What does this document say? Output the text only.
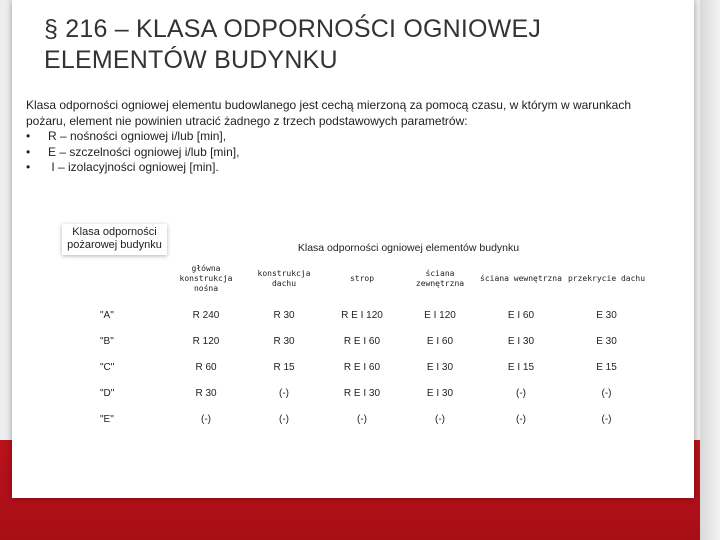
§ 216 – KLASA ODPORNOŚCI OGNIOWEJ
ELEMENTÓW BUDYNKU

Klasa odporności ogniowej elementu budowlanego jest cechą mierzoną za pomocą czasu, w którym w warunkach pożaru, element nie powinien utracić żadnego z trzech podstawowych parametrów:

•	R – nośności ogniowej i/lub [min],
•	E – szczelności ogniowej i/lub [min],
•	I – izolacyjności ogniowej [min].
Klasa odporności pożarowej budynku	Klasa odporności ogniowej elementów budynku					
	główna konstrukcja nośna	konstrukcja dachu	strop	ściana zewnętrzna	ściana wewnętrzna	przekrycie dachu
"A"	R 240	R 30	R E I 120	E I 120	E I 60	E 30
"B"	R 120	R 30	R E I 60	E I 60	E I 30	E 30
"C"	R 60	R 15	R E I 60	E I 30	E I 15	E 15
"D"	R 30	(-)	R E I 30	E I 30	(-)	(-)
"E"	(-)	(-)	(-)	(-)	(-)	(-)
